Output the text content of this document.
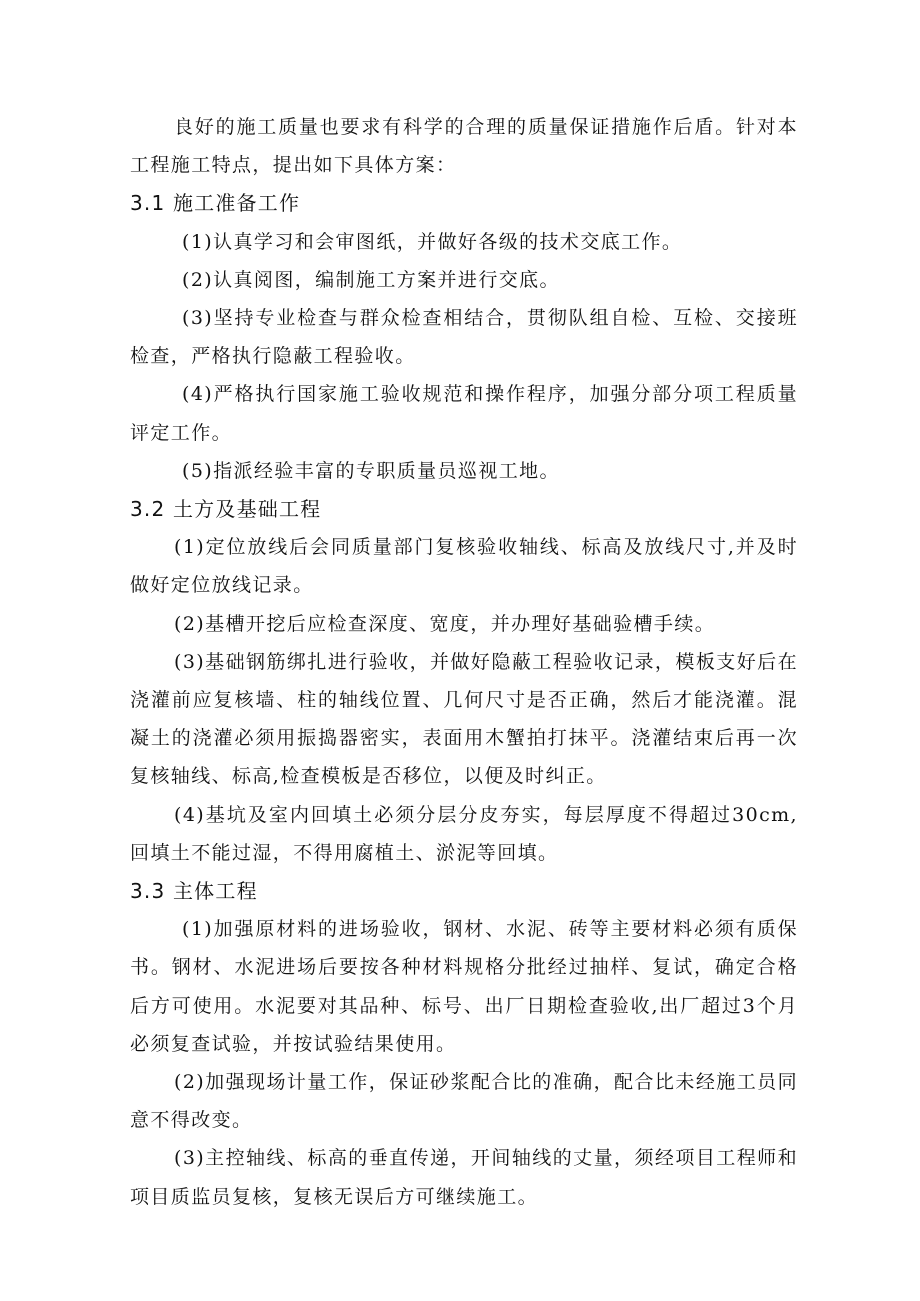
良好的施工质量也要求有科学的合理的质量保证措施作后盾。针对本工程施工特点，提出如下具体方案：

3.1 施工准备工作

(1)认真学习和会审图纸，并做好各级的技术交底工作。

(2)认真阅图，编制施工方案并进行交底。

(3)坚持专业检查与群众检查相结合，贯彻队组自检、互检、交接班检查，严格执行隐蔽工程验收。

(4)严格执行国家施工验收规范和操作程序，加强分部分项工程质量评定工作。

(5)指派经验丰富的专职质量员巡视工地。

3.2 土方及基础工程

(1)定位放线后会同质量部门复核验收轴线、标高及放线尺寸,并及时做好定位放线记录。

(2)基槽开挖后应检查深度、宽度，并办理好基础验槽手续。

(3)基础钢筋绑扎进行验收，并做好隐蔽工程验收记录，模板支好后在浇灌前应复核墙、柱的轴线位置、几何尺寸是否正确，然后才能浇灌。混凝土的浇灌必须用振捣器密实，表面用木蟹拍打抹平。浇灌结束后再一次复核轴线、标高,检查模板是否移位，以便及时纠正。

(4)基坑及室内回填土必须分层分皮夯实，每层厚度不得超过30cm,回填土不能过湿，不得用腐植土、淤泥等回填。

3.3 主体工程

(1)加强原材料的进场验收，钢材、水泥、砖等主要材料必须有质保书。钢材、水泥进场后要按各种材料规格分批经过抽样、复试，确定合格后方可使用。水泥要对其品种、标号、出厂日期检查验收,出厂超过3个月必须复查试验，并按试验结果使用。

(2)加强现场计量工作，保证砂浆配合比的准确，配合比未经施工员同意不得改变。

(3)主控轴线、标高的垂直传递，开间轴线的丈量，须经项目工程师和项目质监员复核，复核无误后方可继续施工。
